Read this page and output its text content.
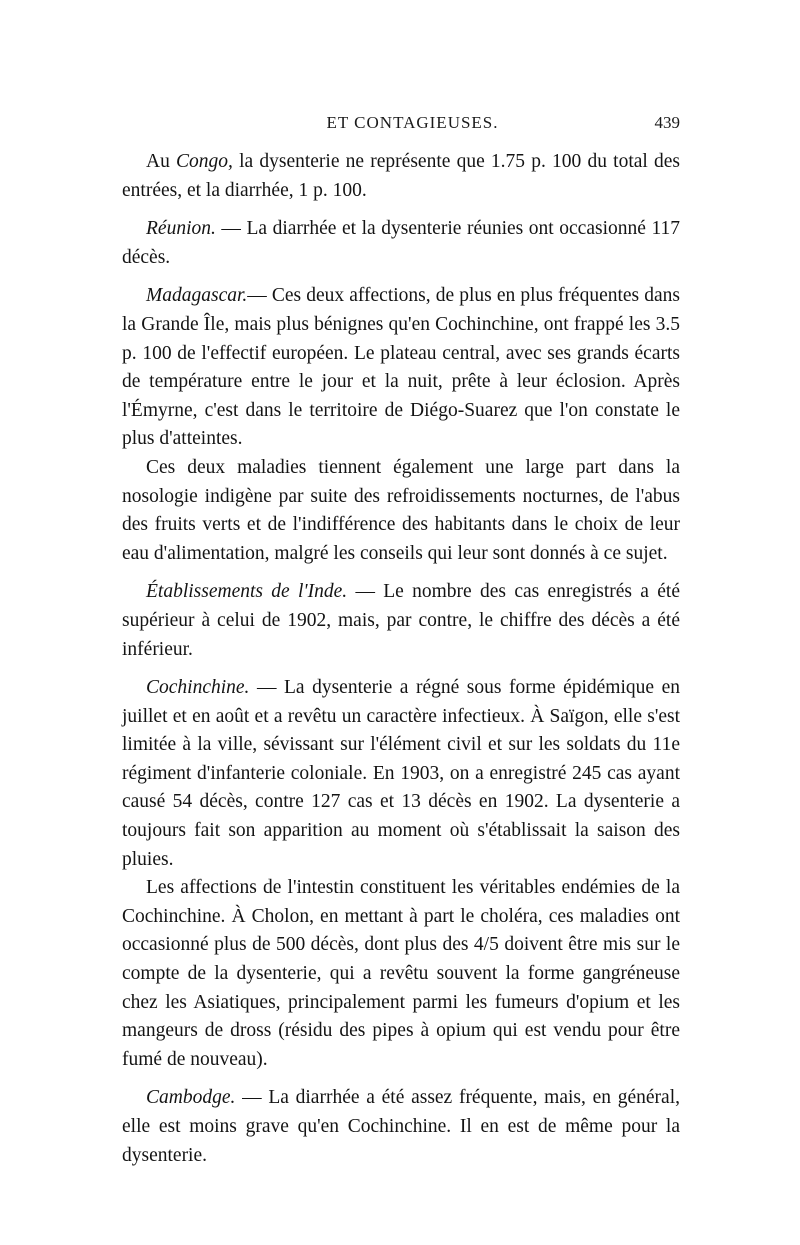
ET CONTAGIEUSES.	439

Au Congo, la dysenterie ne représente que 1.75 p. 100 du total des entrées, et la diarrhée, 1 p. 100.

Réunion. — La diarrhée et la dysenterie réunies ont occasionné 117 décès.

Madagascar.— Ces deux affections, de plus en plus fréquentes dans la Grande Île, mais plus bénignes qu'en Cochinchine, ont frappé les 3.5 p. 100 de l'effectif européen. Le plateau central, avec ses grands écarts de température entre le jour et la nuit, prête à leur éclosion. Après l'Émyrne, c'est dans le territoire de Diégo-Suarez que l'on constate le plus d'atteintes.

Ces deux maladies tiennent également une large part dans la nosologie indigène par suite des refroidissements nocturnes, de l'abus des fruits verts et de l'indifférence des habitants dans le choix de leur eau d'alimentation, malgré les conseils qui leur sont donnés à ce sujet.

Établissements de l'Inde. — Le nombre des cas enregistrés a été supérieur à celui de 1902, mais, par contre, le chiffre des décès a été inférieur.

Cochinchine. — La dysenterie a régné sous forme épidémique en juillet et en août et a revêtu un caractère infectieux. À Saïgon, elle s'est limitée à la ville, sévissant sur l'élément civil et sur les soldats du 11e régiment d'infanterie coloniale. En 1903, on a enregistré 245 cas ayant causé 54 décès, contre 127 cas et 13 décès en 1902. La dysenterie a toujours fait son apparition au moment où s'établissait la saison des pluies.

Les affections de l'intestin constituent les véritables endémies de la Cochinchine. À Cholon, en mettant à part le choléra, ces maladies ont occasionné plus de 500 décès, dont plus des 4/5 doivent être mis sur le compte de la dysenterie, qui a revêtu souvent la forme gangréneuse chez les Asiatiques, principalement parmi les fumeurs d'opium et les mangeurs de dross (résidu des pipes à opium qui est vendu pour être fumé de nouveau).

Cambodge. — La diarrhée a été assez fréquente, mais, en général, elle est moins grave qu'en Cochinchine. Il en est de même pour la dysenterie.
